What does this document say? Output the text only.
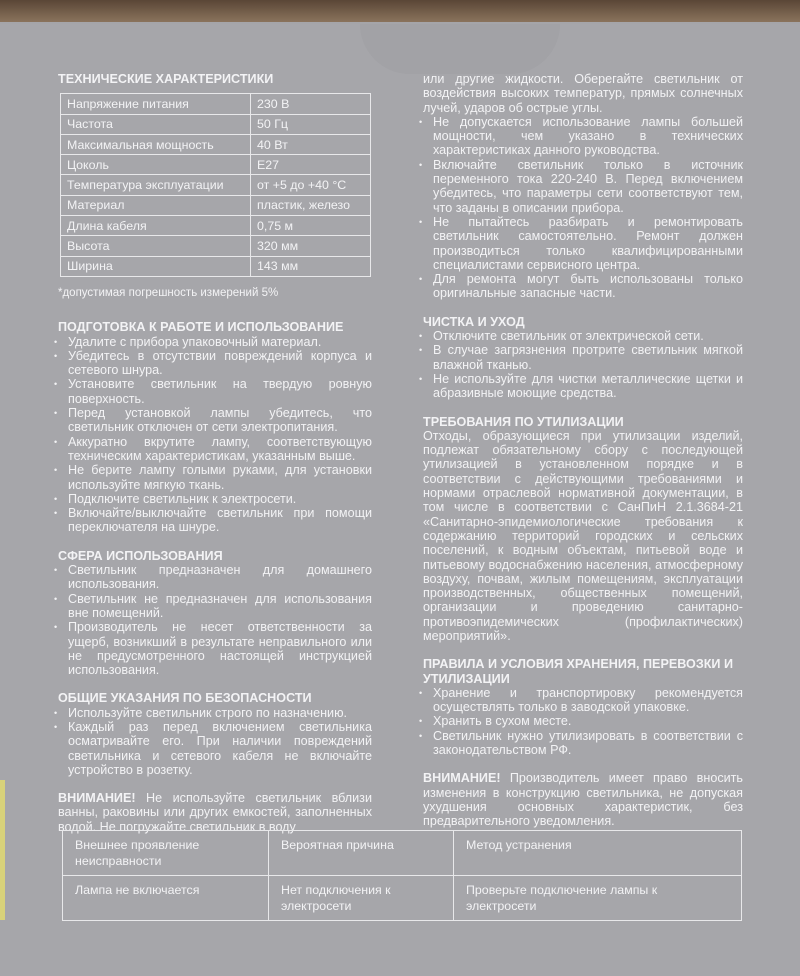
ТЕХНИЧЕСКИЕ ХАРАКТЕРИСТИКИ
Напряжение питания	230 В
Частота	50 Гц
Максимальная мощность	40 Вт
Цоколь	E27
Температура эксплуатации	от +5 до +40 °С
Материал	пластик, железо
Длина кабеля	0,75 м
Высота	320 мм
Ширина	143 мм
*допустимая погрешность измерений 5%
ПОДГОТОВКА К РАБОТЕ И ИСПОЛЬЗОВАНИЕ
• Удалите с прибора упаковочный материал.
• Убедитесь в отсутствии повреждений корпуса и сетевого шнура.
• Установите светильник на твердую ровную поверхность.
• Перед установкой лампы убедитесь, что светильник отключен от сети электропитания.
• Аккуратно вкрутите лампу, соответствующую техническим характеристикам, указанным выше.
• Не берите лампу голыми руками, для установки используйте мягкую ткань.
• Подключите светильник к электросети.
• Включайте/выключайте светильник при помощи переключателя на шнуре.
СФЕРА ИСПОЛЬЗОВАНИЯ
• Светильник предназначен для домашнего использования.
• Светильник не предназначен для использования вне помещений.
• Производитель не несет ответственности за ущерб, возникший в результате неправильного или не предусмотренного настоящей инструкцией использования.
ОБЩИЕ УКАЗАНИЯ ПО БЕЗОПАСНОСТИ
• Используйте светильник строго по назначению.
• Каждый раз перед включением светильника осматривайте его. При наличии повреждений светильника и сетевого кабеля не включайте устройство в розетку.

ВНИМАНИЕ! Не используйте светильник вблизи ванны, раковины или других емкостей, заполненных водой. Не погружайте светильник в воду

или другие жидкости. Оберегайте светильник от воздействия высоких температур, прямых солнечных лучей, ударов об острые углы.

• Не допускается использование лампы большей мощности, чем указано в технических характеристиках данного руководства.
• Включайте светильник только в источник переменного тока 220-240 В. Перед включением убедитесь, что параметры сети соответствуют тем, что заданы в описании прибора.
• Не пытайтесь разбирать и ремонтировать светильник самостоятельно. Ремонт должен производиться только квалифицированными специалистами сервисного центра.
• Для ремонта могут быть использованы только оригинальные запасные части.
ЧИСТКА И УХОД
• Отключите светильник от электрической сети.
• В случае загрязнения протрите светильник мягкой влажной тканью.
• Не используйте для чистки металлические щетки и абразивные моющие средства.
ТРЕБОВАНИЯ ПО УТИЛИЗАЦИИ

Отходы, образующиеся при утилизации изделий, подлежат обязательному сбору с последующей утилизацией в установленном порядке и в соответствии с действующими требованиями и нормами отраслевой нормативной документации, в том числе в соответствии с СанПиН 2.1.3684-21 «Санитарно-эпидемиологические требования к содержанию территорий городских и сельских поселений, к водным объектам, питьевой воде и питьевому водоснабжению населения, атмосферному воздуху, почвам, жилым помещениям, эксплуатации производственных, общественных помещений, организации и проведению санитарно-противоэпидемических (профилактических) мероприятий».

ПРАВИЛА И УСЛОВИЯ ХРАНЕНИЯ, ПЕРЕВОЗКИ И УТИЛИЗАЦИИ
• Хранение и транспортировку рекомендуется осуществлять только в заводской упаковке.
• Хранить в сухом месте.
• Светильник нужно утилизировать в соответствии с законодательством РФ.

ВНИМАНИЕ! Производитель имеет право вносить изменения в конструкцию светильника, не допуская ухудшения основных характеристик, без предварительного уведомления.

Внешнее проявление неисправности	Вероятная причина	Метод устранения
Лампа не включается	Нет подключения к электросети	Проверьте подключение лампы к электросети
